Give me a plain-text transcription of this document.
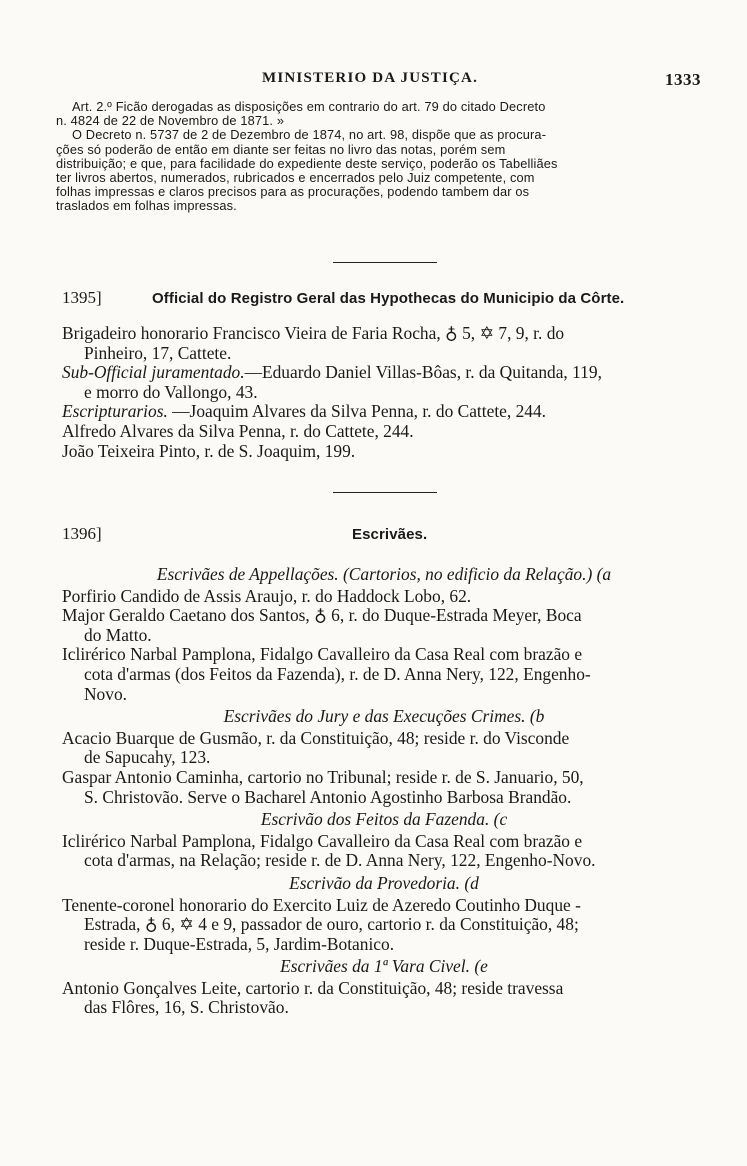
MINISTERIO DA JUSTIÇA.	1333
Art. 2.º Ficão derogadas as disposições em contrario do art. 79 do citado Decreto
n. 4824 de 22 de Novembro de 1871. »
O Decreto n. 5737 de 2 de Dezembro de 1874, no art. 98, dispõe que as procura-
ções só poderão de então em diante ser feitas no livro das notas, porém sem
distribuição; e que, para facilidade do expediente deste serviço, poderão os Tabelliães
ter livros abertos, numerados, rubricados e encerrados pelo Juiz competente, com
folhas impressas e claros precisos para as procurações, podendo tambem dar os
traslados em folhas impressas.
1395]	Official do Registro Geral das Hypothecas do Municipio da Côrte.
Brigadeiro honorario Francisco Vieira de Faria Rocha, ♁ 5, ✡ 7, 9, r. do
Pinheiro, 17, Cattete.
Sub-Official juramentado.—Eduardo Daniel Villas-Bôas, r. da Quitanda, 119,
e morro do Vallongo, 43.
Escripturarios. —Joaquim Alvares da Silva Penna, r. do Cattete, 244.
Alfredo Alvares da Silva Penna, r. do Cattete, 244.
João Teixeira Pinto, r. de S. Joaquim, 199.
1396]	Escrivães.
Escrivães de Appellações. (Cartorios, no edificio da Relação.) (a
Porfirio Candido de Assis Araujo, r. do Haddock Lobo, 62.
Major Geraldo Caetano dos Santos, ♁ 6, r. do Duque-Estrada Meyer, Boca
do Matto.
Iclirérico Narbal Pamplona, Fidalgo Cavalleiro da Casa Real com brazão e
cota d'armas (dos Feitos da Fazenda), r. de D. Anna Nery, 122, Engenho-
Novo.
Escrivães do Jury e das Execuções Crimes. (b
Acacio Buarque de Gusmão, r. da Constituição, 48; reside r. do Visconde
de Sapucahy, 123.
Gaspar Antonio Caminha, cartorio no Tribunal; reside r. de S. Januario, 50,
S. Christovão. Serve o Bacharel Antonio Agostinho Barbosa Brandão.
Escrivão dos Feitos da Fazenda. (c
Iclirérico Narbal Pamplona, Fidalgo Cavalleiro da Casa Real com brazão e
cota d'armas, na Relação; reside r. de D. Anna Nery, 122, Engenho-Novo.
Escrivão da Provedoria. (d
Tenente-coronel honorario do Exercito Luiz de Azeredo Coutinho Duque -
Estrada, ♁ 6, ✡ 4 e 9, passador de ouro, cartorio r. da Constituição, 48;
reside r. Duque-Estrada, 5, Jardim-Botanico.
Escrivães da 1ª Vara Civel. (e
Antonio Gonçalves Leite, cartorio r. da Constituição, 48; reside travessa
das Flôres, 16, S. Christovão.
